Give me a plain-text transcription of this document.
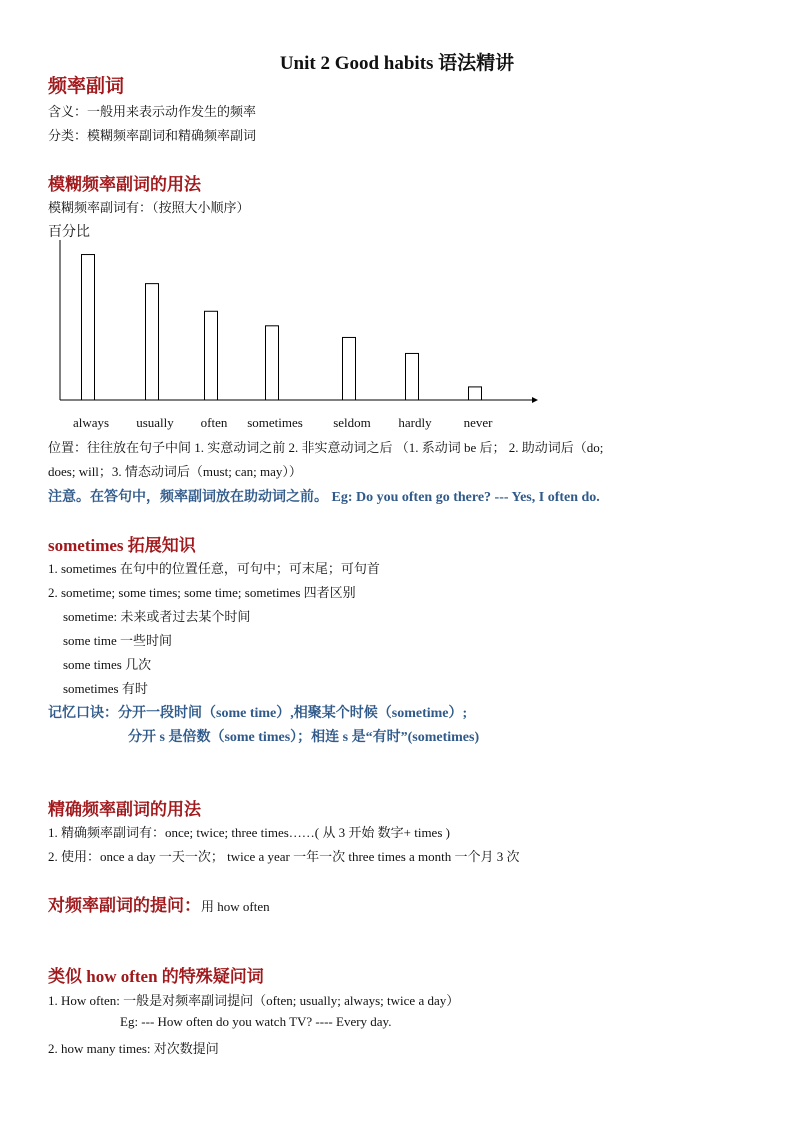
Unit 2 Good habits 语法精讲
频率副词
含义：一般用来表示动作发生的频率
分类：模糊频率副词和精确频率副词
模糊频率副词的用法
模糊频率副词有：（按照大小顺序）
百分比
always usually often sometimes seldom hardly never
位置：往往放在句子中间 1. 实意动词之前 2. 非实意动词之后 （1. 系动词 be 后； 2. 助动词后（do;
does; will；3. 情态动词后（must; can; may））
注意。在答句中，频率副词放在助动词之前。 Eg: Do you often go there? --- Yes, I often do.
sometimes 拓展知识
1. sometimes 在句中的位置任意，可句中；可末尾；可句首
2. sometime; some times; some time; sometimes 四者区别
sometime: 未来或者过去某个时间
some time 一些时间
some times 几次
sometimes 有时
记忆口诀：分开一段时间（some time）,相聚某个时候（sometime）;
分开 s 是倍数（some times）；相连 s 是“有时”(sometimes)
精确频率副词的用法
1. 精确频率副词有：once; twice; three times……( 从 3 开始 数字+ times )
2. 使用：once a day 一天一次； twice a year 一年一次 three times a month 一个月 3 次
对频率副词的提问：用 how often
类似 how often 的特殊疑问词
1. How often: 一般是对频率副词提问（often; usually; always; twice a day）
Eg: --- How often do you watch TV? ---- Every day.
2. how many times: 对次数提问
